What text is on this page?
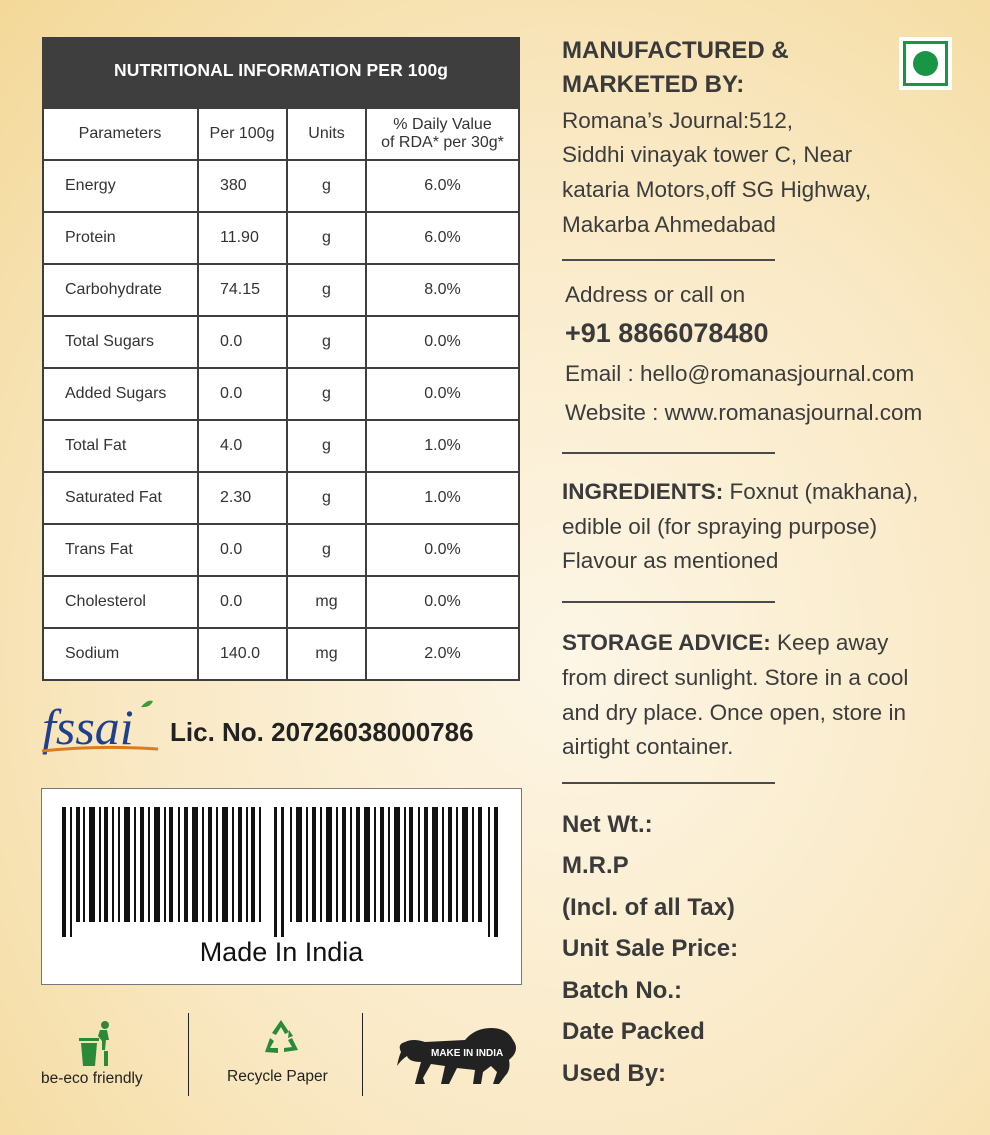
NUTRITIONAL INFORMATION PER 100g			
Parameters	Per 100g	Units	% Daily Value
of RDA* per 30g*
Energy	380	g	6.0%
Protein	11.90	g	6.0%
Carbohydrate	74.15	g	8.0%
Total Sugars	0.0	g	0.0%
Added Sugars	0.0	g	0.0%
Total Fat	4.0	g	1.0%
Saturated Fat	2.30	g	1.0%
Trans Fat	0.0	g	0.0%
Cholesterol	0.0	mg	0.0%
Sodium	140.0	mg	2.0%
fssai Lic. No. 20726038000786
Made In India
be-eco friendly	Recycle Paper
MAKE IN INDIA
MANUFACTURED &
MARKETED BY:
Romana’s Journal:512,
Siddhi vinayak tower C, Near
kataria Motors,off SG Highway,
Makarba Ahmedabad
Address or call on
+91 8866078480
Email : hello@romanasjournal.com
Website : www.romanasjournal.com
INGREDIENTS: Foxnut (makhana),
edible oil (for spraying purpose)
Flavour as mentioned
STORAGE ADVICE: Keep away
from direct sunlight. Store in a cool
and dry place. Once open, store in
airtight container.
Net Wt.:
M.R.P
(Incl. of all Tax)
Unit Sale Price:
Batch No.:
Date Packed
Used By:
